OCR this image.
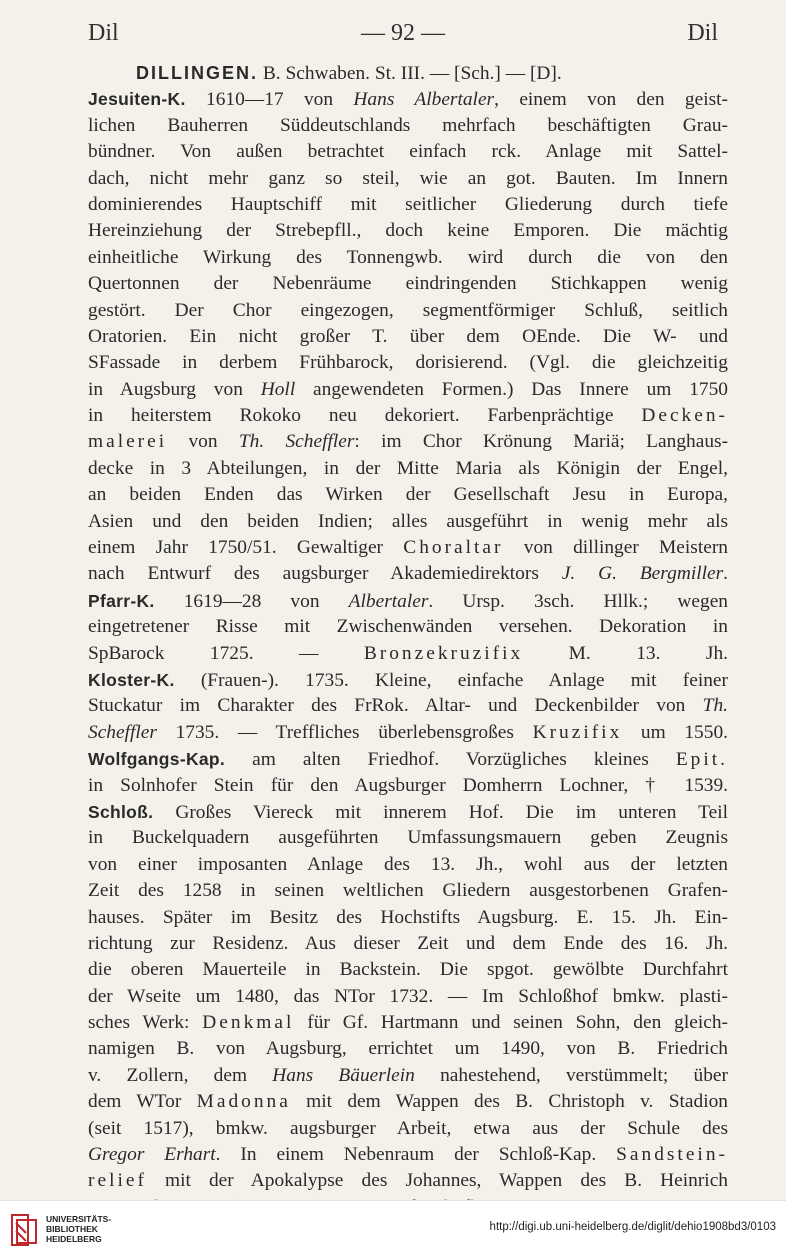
Dil	— 92 —	Dil
DILLINGEN. B. Schwaben. St. III. — [Sch.] — [D].
Jesuiten-K. 1610—17 von Hans Albertaler, einem von den geist-
lichen Bauherren Süddeutschlands mehrfach beschäftigten Grau-
bündner. Von außen betrachtet einfach rck. Anlage mit Sattel-
dach, nicht mehr ganz so steil, wie an got. Bauten. Im Innern
dominierendes Hauptschiff mit seitlicher Gliederung durch tiefe
Hereinziehung der Strebepfll., doch keine Emporen. Die mächtig
einheitliche Wirkung des Tonnengwb. wird durch die von den
Quertonnen der Nebenräume eindringenden Stichkappen wenig
gestört. Der Chor eingezogen, segmentförmiger Schluß, seitlich
Oratorien. Ein nicht großer T. über dem OEnde. Die W- und
SFassade in derbem Frühbarock, dorisierend. (Vgl. die gleichzeitig
in Augsburg von Holl angewendeten Formen.) Das Innere um 1750
in heiterstem Rokoko neu dekoriert. Farbenprächtige Decken-
malerei von Th. Scheffler: im Chor Krönung Mariä; Langhaus-
decke in 3 Abteilungen, in der Mitte Maria als Königin der Engel,
an beiden Enden das Wirken der Gesellschaft Jesu in Europa,
Asien und den beiden Indien; alles ausgeführt in wenig mehr als
einem Jahr 1750/51. Gewaltiger Choraltar von dillinger Meistern
nach Entwurf des augsburger Akademiedirektors J. G. Bergmiller.
Pfarr-K. 1619—28 von Albertaler. Ursp. 3sch. Hllk.; wegen
eingetretener Risse mit Zwischenwänden versehen. Dekoration in
SpBarock 1725. — Bronzekruzifix M. 13. Jh.
Kloster-K. (Frauen-). 1735. Kleine, einfache Anlage mit feiner
Stuckatur im Charakter des FrRok. Altar- und Deckenbilder von Th.
Scheffler 1735. — Treffliches überlebensgroßes Kruzifix um 1550.
Wolfgangs-Kap. am alten Friedhof. Vorzügliches kleines Epit.
in Solnhofer Stein für den Augsburger Domherrn Lochner, † 1539.
Schloß. Großes Viereck mit innerem Hof. Die im unteren Teil
in Buckelquadern ausgeführten Umfassungsmauern geben Zeugnis
von einer imposanten Anlage des 13. Jh., wohl aus der letzten
Zeit des 1258 in seinen weltlichen Gliedern ausgestorbenen Grafen-
hauses. Später im Besitz des Hochstifts Augsburg. E. 15. Jh. Ein-
richtung zur Residenz. Aus dieser Zeit und dem Ende des 16. Jh.
die oberen Mauerteile in Backstein. Die spgot. gewölbte Durchfahrt
der Wseite um 1480, das NTor 1732. — Im Schloßhof bmkw. plasti-
sches Werk: Denkmal für Gf. Hartmann und seinen Sohn, den gleich-
namigen B. von Augsburg, errichtet um 1490, von B. Friedrich
v. Zollern, dem Hans Bäuerlein nahestehend, verstümmelt; über
dem WTor Madonna mit dem Wappen des B. Christoph v. Stadion
(seit 1517), bmkw. augsburger Arbeit, etwa aus der Schule des
Gregor Erhart. In einem Nebenraum der Schloß-Kap. Sandstein-
relief mit der Apokalypse des Johannes, Wappen des B. Heinrich
UNIVERSITÄTS-
BIBLIOTHEK
HEIDELBERG
http://digi.ub.uni-heidelberg.de/diglit/dehio1908bd3/0103
